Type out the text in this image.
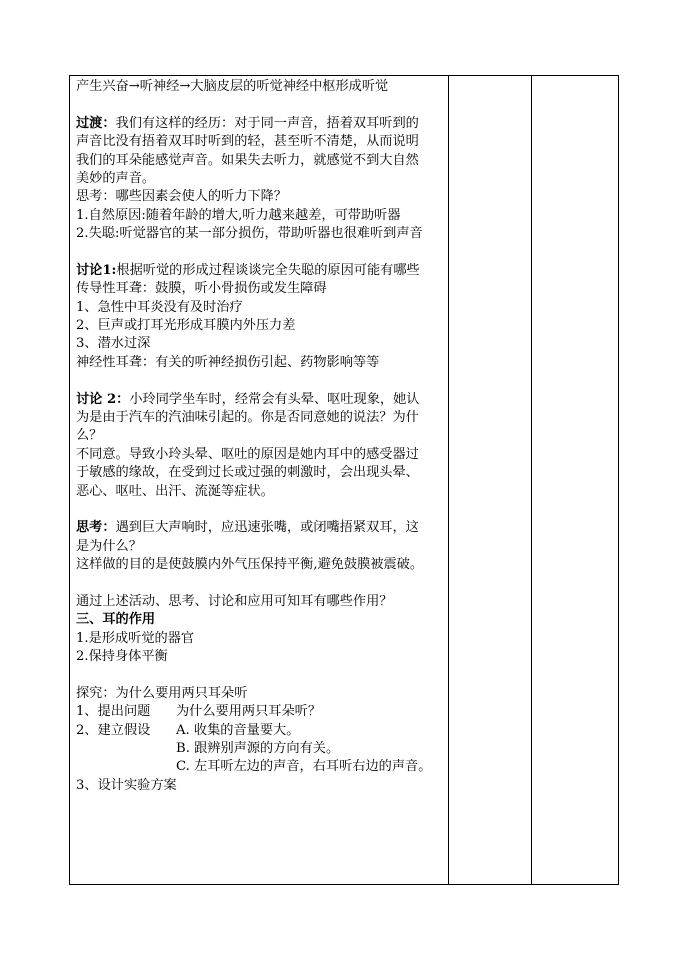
产生兴奋→听神经→大脑皮层的听觉神经中枢形成听觉
过渡：我们有这样的经历：对于同一声音，捂着双耳听到的
声音比没有捂着双耳时听到的轻，甚至听不清楚，从而说明
我们的耳朵能感觉声音。如果失去听力，就感觉不到大自然
美妙的声音。
思考：哪些因素会使人的听力下降？
1.自然原因:随着年龄的增大,听力越来越差，可带助听器
2.失聪:听觉器官的某一部分损伤，带助听器也很难听到声音
讨论1:根据听觉的形成过程谈谈完全失聪的原因可能有哪些
传导性耳聋：鼓膜，听小骨损伤或发生障碍
1、急性中耳炎没有及时治疗
2、巨声或打耳光形成耳膜内外压力差
3、潜水过深
神经性耳聋：有关的听神经损伤引起、药物影响等等
讨论 2：小玲同学坐车时，经常会有头晕、呕吐现象，她认
为是由于汽车的汽油味引起的。你是否同意她的说法？为什
么？
不同意。导致小玲头晕、呕吐的原因是她内耳中的感受器过
于敏感的缘故，在受到过长或过强的刺激时，会出现头晕、
恶心、呕吐、出汗、流涎等症状。
思考：遇到巨大声响时，应迅速张嘴，或闭嘴捂紧双耳，这
是为什么？
这样做的目的是使鼓膜内外气压保持平衡,避免鼓膜被震破。
通过上述活动、思考、讨论和应用可知耳有哪些作用？
三、耳的作用
1.是形成听觉的器官
2.保持身体平衡
探究：为什么要用两只耳朵听
1、提出问题 为什么要用两只耳朵听？
2、建立假设 A. 收集的音量要大。
B. 跟辨别声源的方向有关。
C. 左耳听左边的声音，右耳听右边的声音。
3、设计实验方案
